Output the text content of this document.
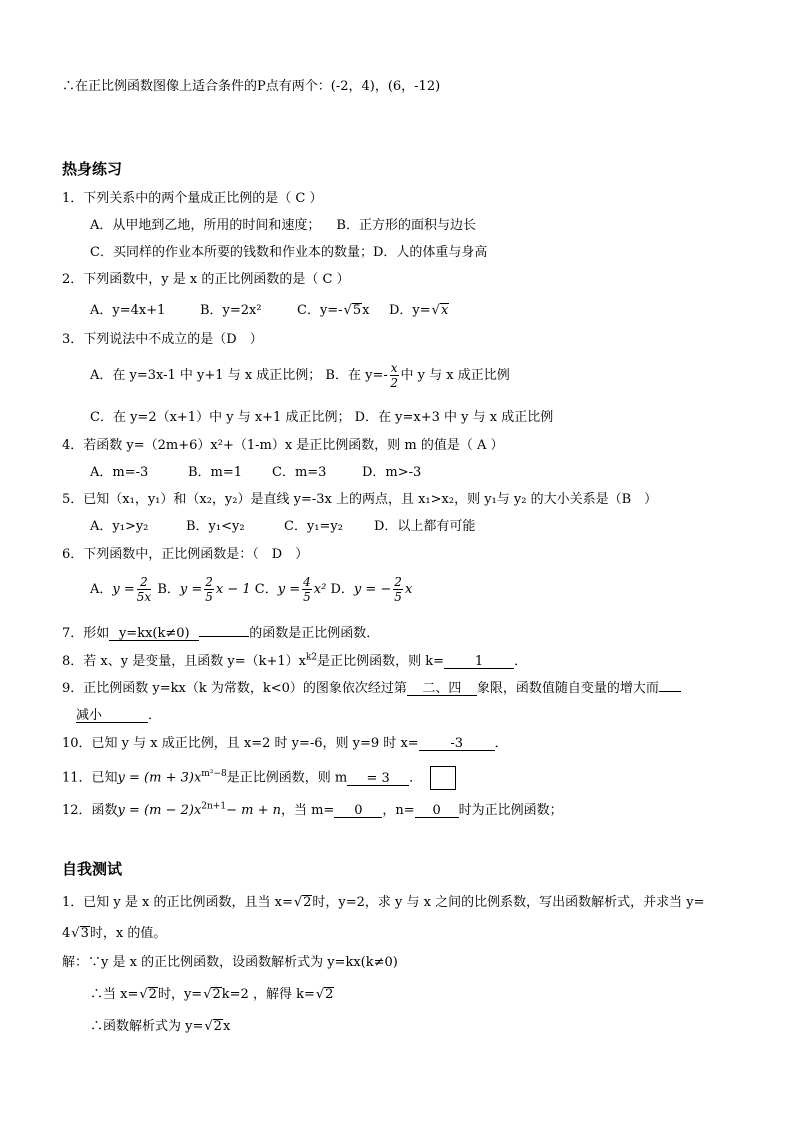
∴在正比例函数图像上适合条件的P点有两个：(-2，4)，(6，-12)
热身练习
1．下列关系中的两个量成正比例的是（ C ）
A．从甲地到乙地，所用的时间和速度； B．正方形的面积与边长
C．买同样的作业本所要的钱数和作业本的数量；D．人的体重与身高
2．下列函数中，y 是 x 的正比例函数的是（ C ）
A．y=4x+1	B．y=2x²	C．y=-√5x D．y=√x
3．下列说法中不成立的是（D　）
A．在 y=3x-1 中 y+1 与 x 成正比例； B．在 $y=- \frac{x}{2}$ 中 y 与 x 成正比例
C．在 y=2（x+1）中 y 与 x+1 成正比例； D．在 y=x+3 中 y 与 x 成正比例
4．若函数 y=（2m+6）x²+（1-m）x 是正比例函数，则 m 的值是（ A ）
A．m=-3	B．m=1 C．m=3	D．m>-3
5．已知（x₁，y₁）和（x₂，y₂）是直线 y=-3x 上的两点，且 x₁>x₂，则 y₁与 y₂ 的大小关系是（B　）
A．y₁>y₂	B．y₁<y₂	C．y₁=y₂ D．以上都有可能
6．下列函数中，正比例函数是：（　D　）
A．$y = \frac{2}{5x}$ B．$y = \frac{2}{5}$ x − 1 C．$y = \frac{4}{5} x^2$ D．y = − $\frac{2}{5}$ x
7．形如 y=kx(k≠0)	的函数是正比例函数．
8．若 x、y 是变量，且函数 $y=(k+1)x^{k2}$是正比例函数，则 k= 1 ．
9．正比例函数 y=kx（k 为常数，k<0）的图象依次经过第 二、四 象限，函数值随自变量的增大而
减小	．
10．已知 y 与 x 成正比例，且 x=2 时 y=-6，则 y=9 时 x= -3 ．
11．已知$y = (m + 3)x^{m^2-8}$是正比例函数，则 m = 3 ．
12．函数$y = (m - 2)x^{2n+1}- m + n$，当 m= 0 ，n= 0 时为正比例函数；
自我测试
1．已知 y 是 x 的正比例函数，且当 x=√2时，y=2，求 y 与 x 之间的比例系数，写出函数解析式，并求当 y=
4√3时，x 的值。
解：∵y 是 x 的正比例函数，设函数解析式为 y=kx(k≠0)
∴当 x=√2时，y=√2k=2 ，解得 k=√2
∴函数解析式为 y=√2x
